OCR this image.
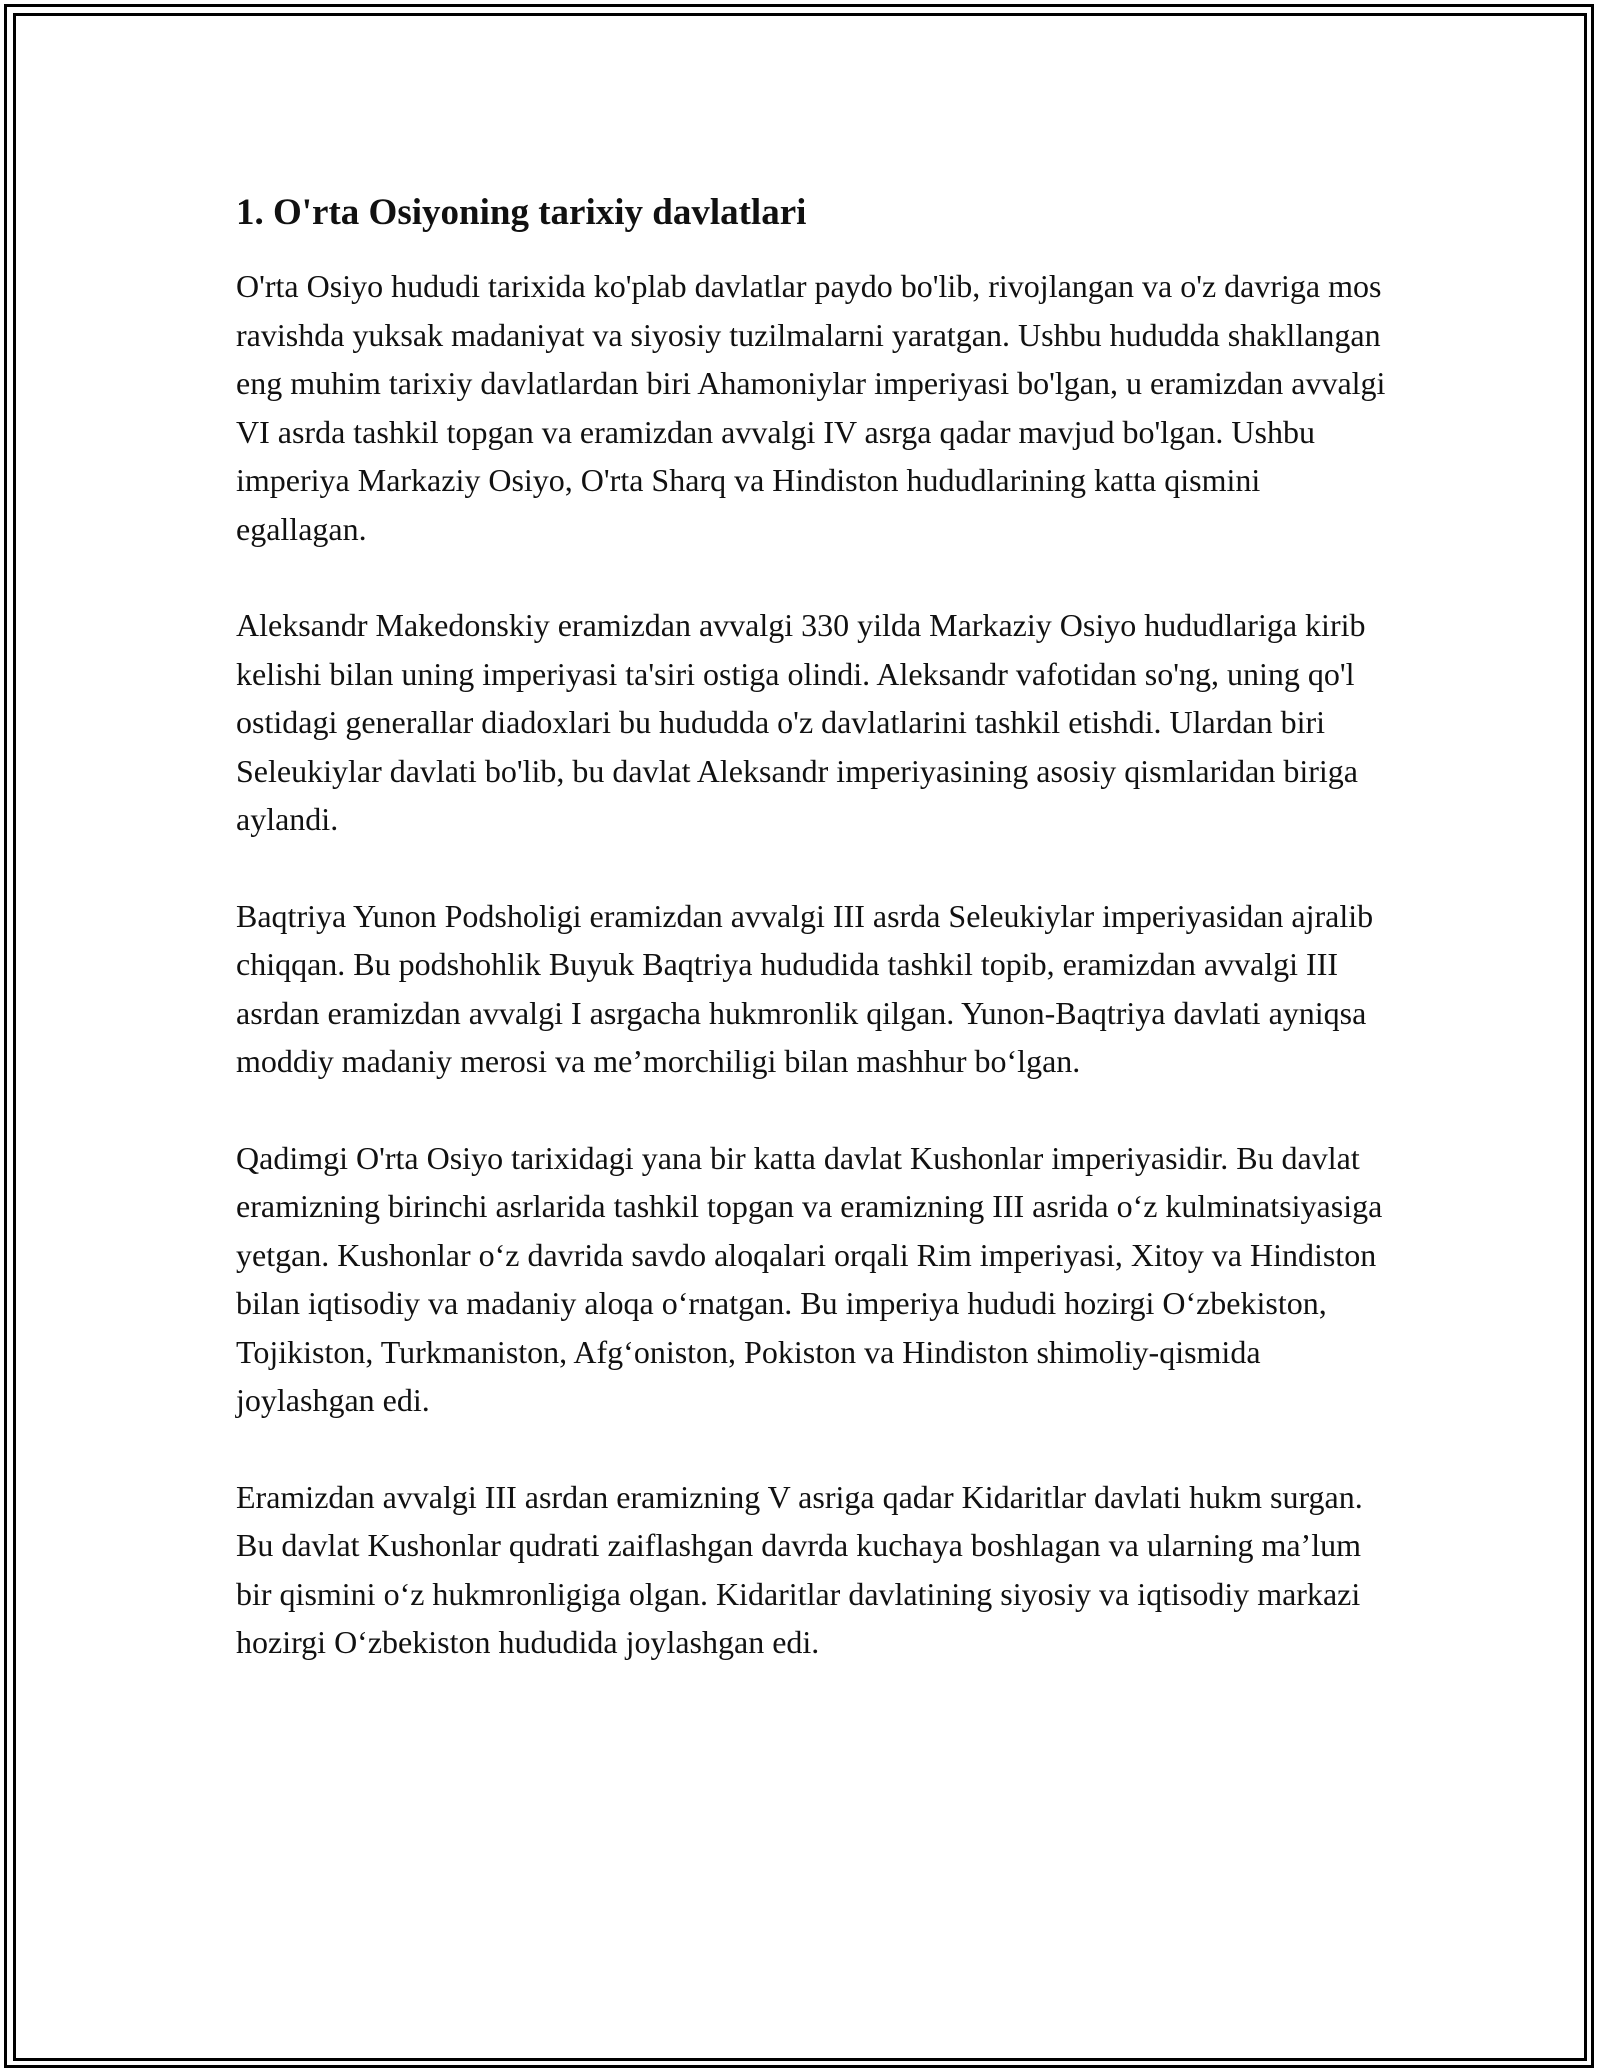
1. O'rta Osiyoning tarixiy davlatlari

O'rta Osiyo hududi tarixida ko'plab davlatlar paydo bo'lib, rivojlangan va o'z davriga mos ravishda yuksak madaniyat va siyosiy tuzilmalarni yaratgan. Ushbu hududda shakllangan eng muhim tarixiy davlatlardan biri Ahamoniylar imperiyasi bo'lgan, u eramizdan avvalgi VI asrda tashkil topgan va eramizdan avvalgi IV asrga qadar mavjud bo'lgan. Ushbu imperiya Markaziy Osiyo, O'rta Sharq va Hindiston hududlarining katta qismini egallagan.

Aleksandr Makedonskiy eramizdan avvalgi 330 yilda Markaziy Osiyo hududlariga kirib kelishi bilan uning imperiyasi ta'siri ostiga olindi. Aleksandr vafotidan so'ng, uning qo'l ostidagi generallar diadoxlari bu hududda o'z davlatlarini tashkil etishdi. Ulardan biri Seleukiylar davlati bo'lib, bu davlat Aleksandr imperiyasining asosiy qismlaridan biriga aylandi.

Baqtriya Yunon Podsholigi eramizdan avvalgi III asrda Seleukiylar imperiyasidan ajralib chiqqan. Bu podshohlik Buyuk Baqtriya hududida tashkil topib, eramizdan avvalgi III asrdan eramizdan avvalgi I asrgacha hukmronlik qilgan. Yunon-Baqtriya davlati ayniqsa moddiy madaniy merosi va me’morchiligi bilan mashhur bo‘lgan.

Qadimgi O'rta Osiyo tarixidagi yana bir katta davlat Kushonlar imperiyasidir. Bu davlat eramizning birinchi asrlarida tashkil topgan va eramizning III asrida o‘z kulminatsiyasiga yetgan. Kushonlar o‘z davrida savdo aloqalari orqali Rim imperiyasi, Xitoy va Hindiston bilan iqtisodiy va madaniy aloqa o‘rnatgan. Bu imperiya hududi hozirgi O‘zbekiston, Tojikiston, Turkmaniston, Afg‘oniston, Pokiston va Hindiston shimoliy-qismida joylashgan edi.

Eramizdan avvalgi III asrdan eramizning V asriga qadar Kidaritlar davlati hukm surgan. Bu davlat Kushonlar qudrati zaiflashgan davrda kuchaya boshlagan va ularning ma’lum bir qismini o‘z hukmronligiga olgan. Kidaritlar davlatining siyosiy va iqtisodiy markazi hozirgi O‘zbekiston hududida joylashgan edi.
